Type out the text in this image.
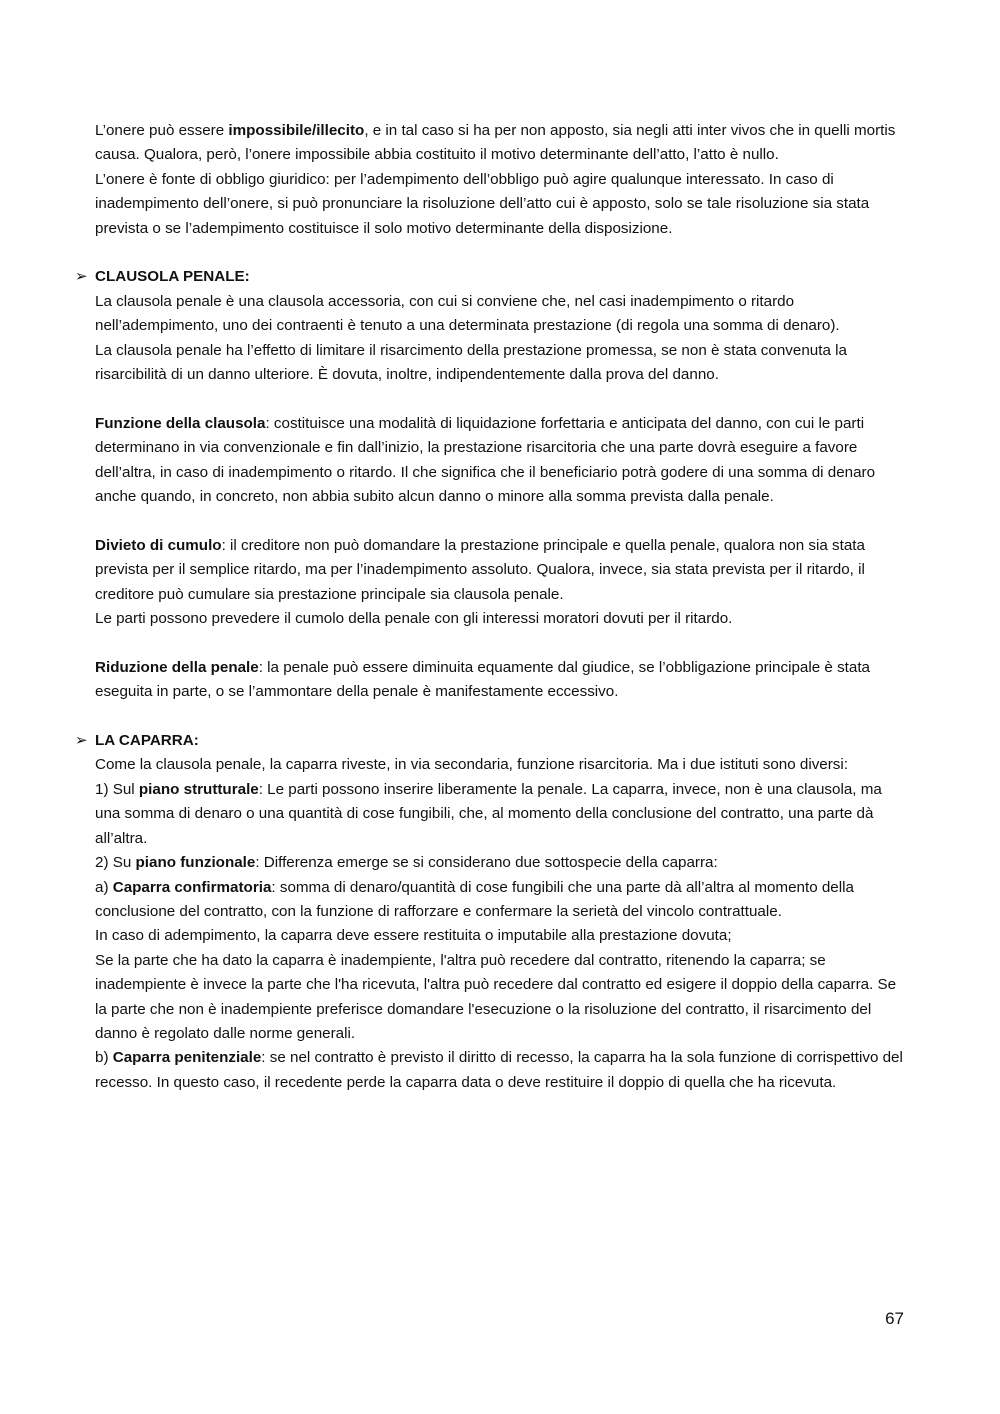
L’onere può essere impossibile/illecito, e in tal caso si ha per non apposto, sia negli atti inter vivos che in quelli mortis causa. Qualora, però, l’onere impossibile abbia costituito il motivo determinante dell’atto, l’atto è nullo.

L’onere è fonte di obbligo giuridico: per l’adempimento dell’obbligo può agire qualunque interessato. In caso di inadempimento dell’onere, si può pronunciare la risoluzione dell’atto cui è apposto, solo se tale risoluzione sia stata prevista o se l’adempimento costituisce il solo motivo determinante della disposizione.

➢ CLAUSOLA PENALE:

La clausola penale è una clausola accessoria, con cui si conviene che, nel casi inadempimento o ritardo nell’adempimento, uno dei contraenti è tenuto a una determinata prestazione (di regola una somma di denaro).

La clausola penale ha l’effetto di limitare il risarcimento della prestazione promessa, se non è stata convenuta la risarcibilità di un danno ulteriore. È dovuta, inoltre, indipendentemente dalla prova del danno.

Funzione della clausola: costituisce una modalità di liquidazione forfettaria e anticipata del danno, con cui le parti determinano in via convenzionale e fin dall’inizio, la prestazione risarcitoria che una parte dovrà eseguire a favore dell’altra, in caso di inadempimento o ritardo. Il che significa che il beneficiario potrà godere di una somma di denaro anche quando, in concreto, non abbia subito alcun danno o minore alla somma prevista dalla penale.

Divieto di cumulo: il creditore non può domandare la prestazione principale e quella penale, qualora non sia stata prevista per il semplice ritardo, ma per l’inadempimento assoluto. Qualora, invece, sia stata prevista per il ritardo, il creditore può cumulare sia prestazione principale sia clausola penale.

Le parti possono prevedere il cumolo della penale con gli interessi moratori dovuti per il ritardo.

Riduzione della penale: la penale può essere diminuita equamente dal giudice, se l’obbligazione principale è stata eseguita in parte, o se l’ammontare della penale è manifestamente eccessivo.

➢ LA CAPARRA:

Come la clausola penale, la caparra riveste, in via secondaria, funzione risarcitoria. Ma i due istituti sono diversi:

1) Sul piano strutturale: Le parti possono inserire liberamente la penale. La caparra, invece, non è una clausola, ma una somma di denaro o una quantità di cose fungibili, che, al momento della conclusione del contratto, una parte dà all’altra.

2) Su piano funzionale: Differenza emerge se si considerano due sottospecie della caparra:

a) Caparra confirmatoria: somma di denaro/quantità di cose fungibili che una parte dà all’altra al momento della conclusione del contratto, con la funzione di rafforzare e confermare la serietà del vincolo contrattuale.

In caso di adempimento, la caparra deve essere restituita o imputabile alla prestazione dovuta;

Se la parte che ha dato la caparra è inadempiente, l'altra può recedere dal contratto, ritenendo la caparra; se inadempiente è invece la parte che l'ha ricevuta, l'altra può recedere dal contratto ed esigere il doppio della caparra. Se la parte che non è inadempiente preferisce domandare l'esecuzione o la risoluzione del contratto, il risarcimento del danno è regolato dalle norme generali.

b) Caparra penitenziale: se nel contratto è previsto il diritto di recesso, la caparra ha la sola funzione di corrispettivo del recesso. In questo caso, il recedente perde la caparra data o deve restituire il doppio di quella che ha ricevuta.

67
